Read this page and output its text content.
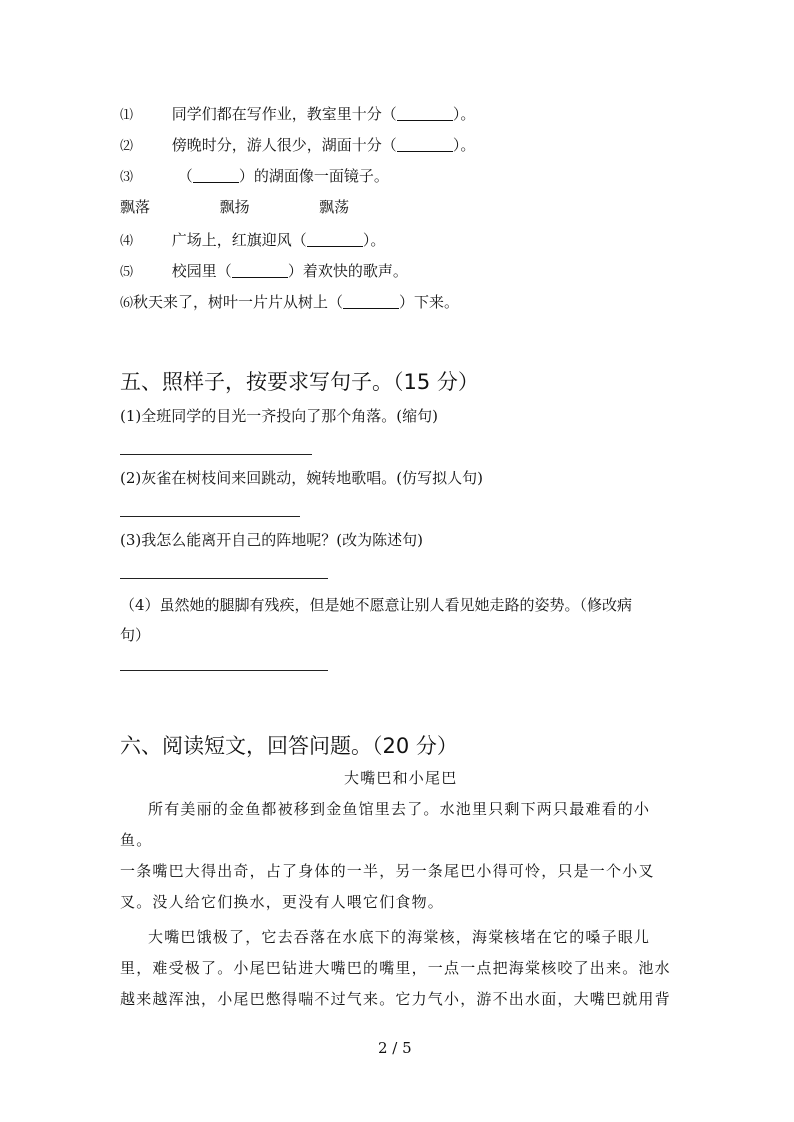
⑴	同学们都在写作业，教室里十分（	）。
⑵	傍晚时分，游人很少，湖面十分（	）。
⑶	（	）的湖面像一面镜子。
飘落	飘扬	飘荡
⑷	广场上，红旗迎风（	）。
⑸	校园里（	）着欢快的歌声。
⑹秋天来了，树叶一片片从树上（	）下来。
五、照样子，按要求写句子。（15 分）
(1)全班同学的目光一齐投向了那个角落。(缩句)
(2)灰雀在树枝间来回跳动，婉转地歌唱。(仿写拟人句)
(3)我怎么能离开自己的阵地呢？(改为陈述句)
（4）虽然她的腿脚有残疾，但是她不愿意让别人看见她走路的姿势。（修改病
句）
六、阅读短文，回答问题。（20 分）
大嘴巴和小尾巴
所有美丽的金鱼都被移到金鱼馆里去了。水池里只剩下两只最难看的小
鱼。
一条嘴巴大得出奇，占了身体的一半，另一条尾巴小得可怜，只是一个小叉
叉。没人给它们换水，更没有人喂它们食物。
大嘴巴饿极了，它去吞落在水底下的海棠核，海棠核堵在它的嗓子眼儿
里，难受极了。小尾巴钻进大嘴巴的嘴里，一点一点把海棠核咬了出来。池水
越来越浑浊，小尾巴憋得喘不过气来。它力气小，游不出水面，大嘴巴就用背
2 / 5
